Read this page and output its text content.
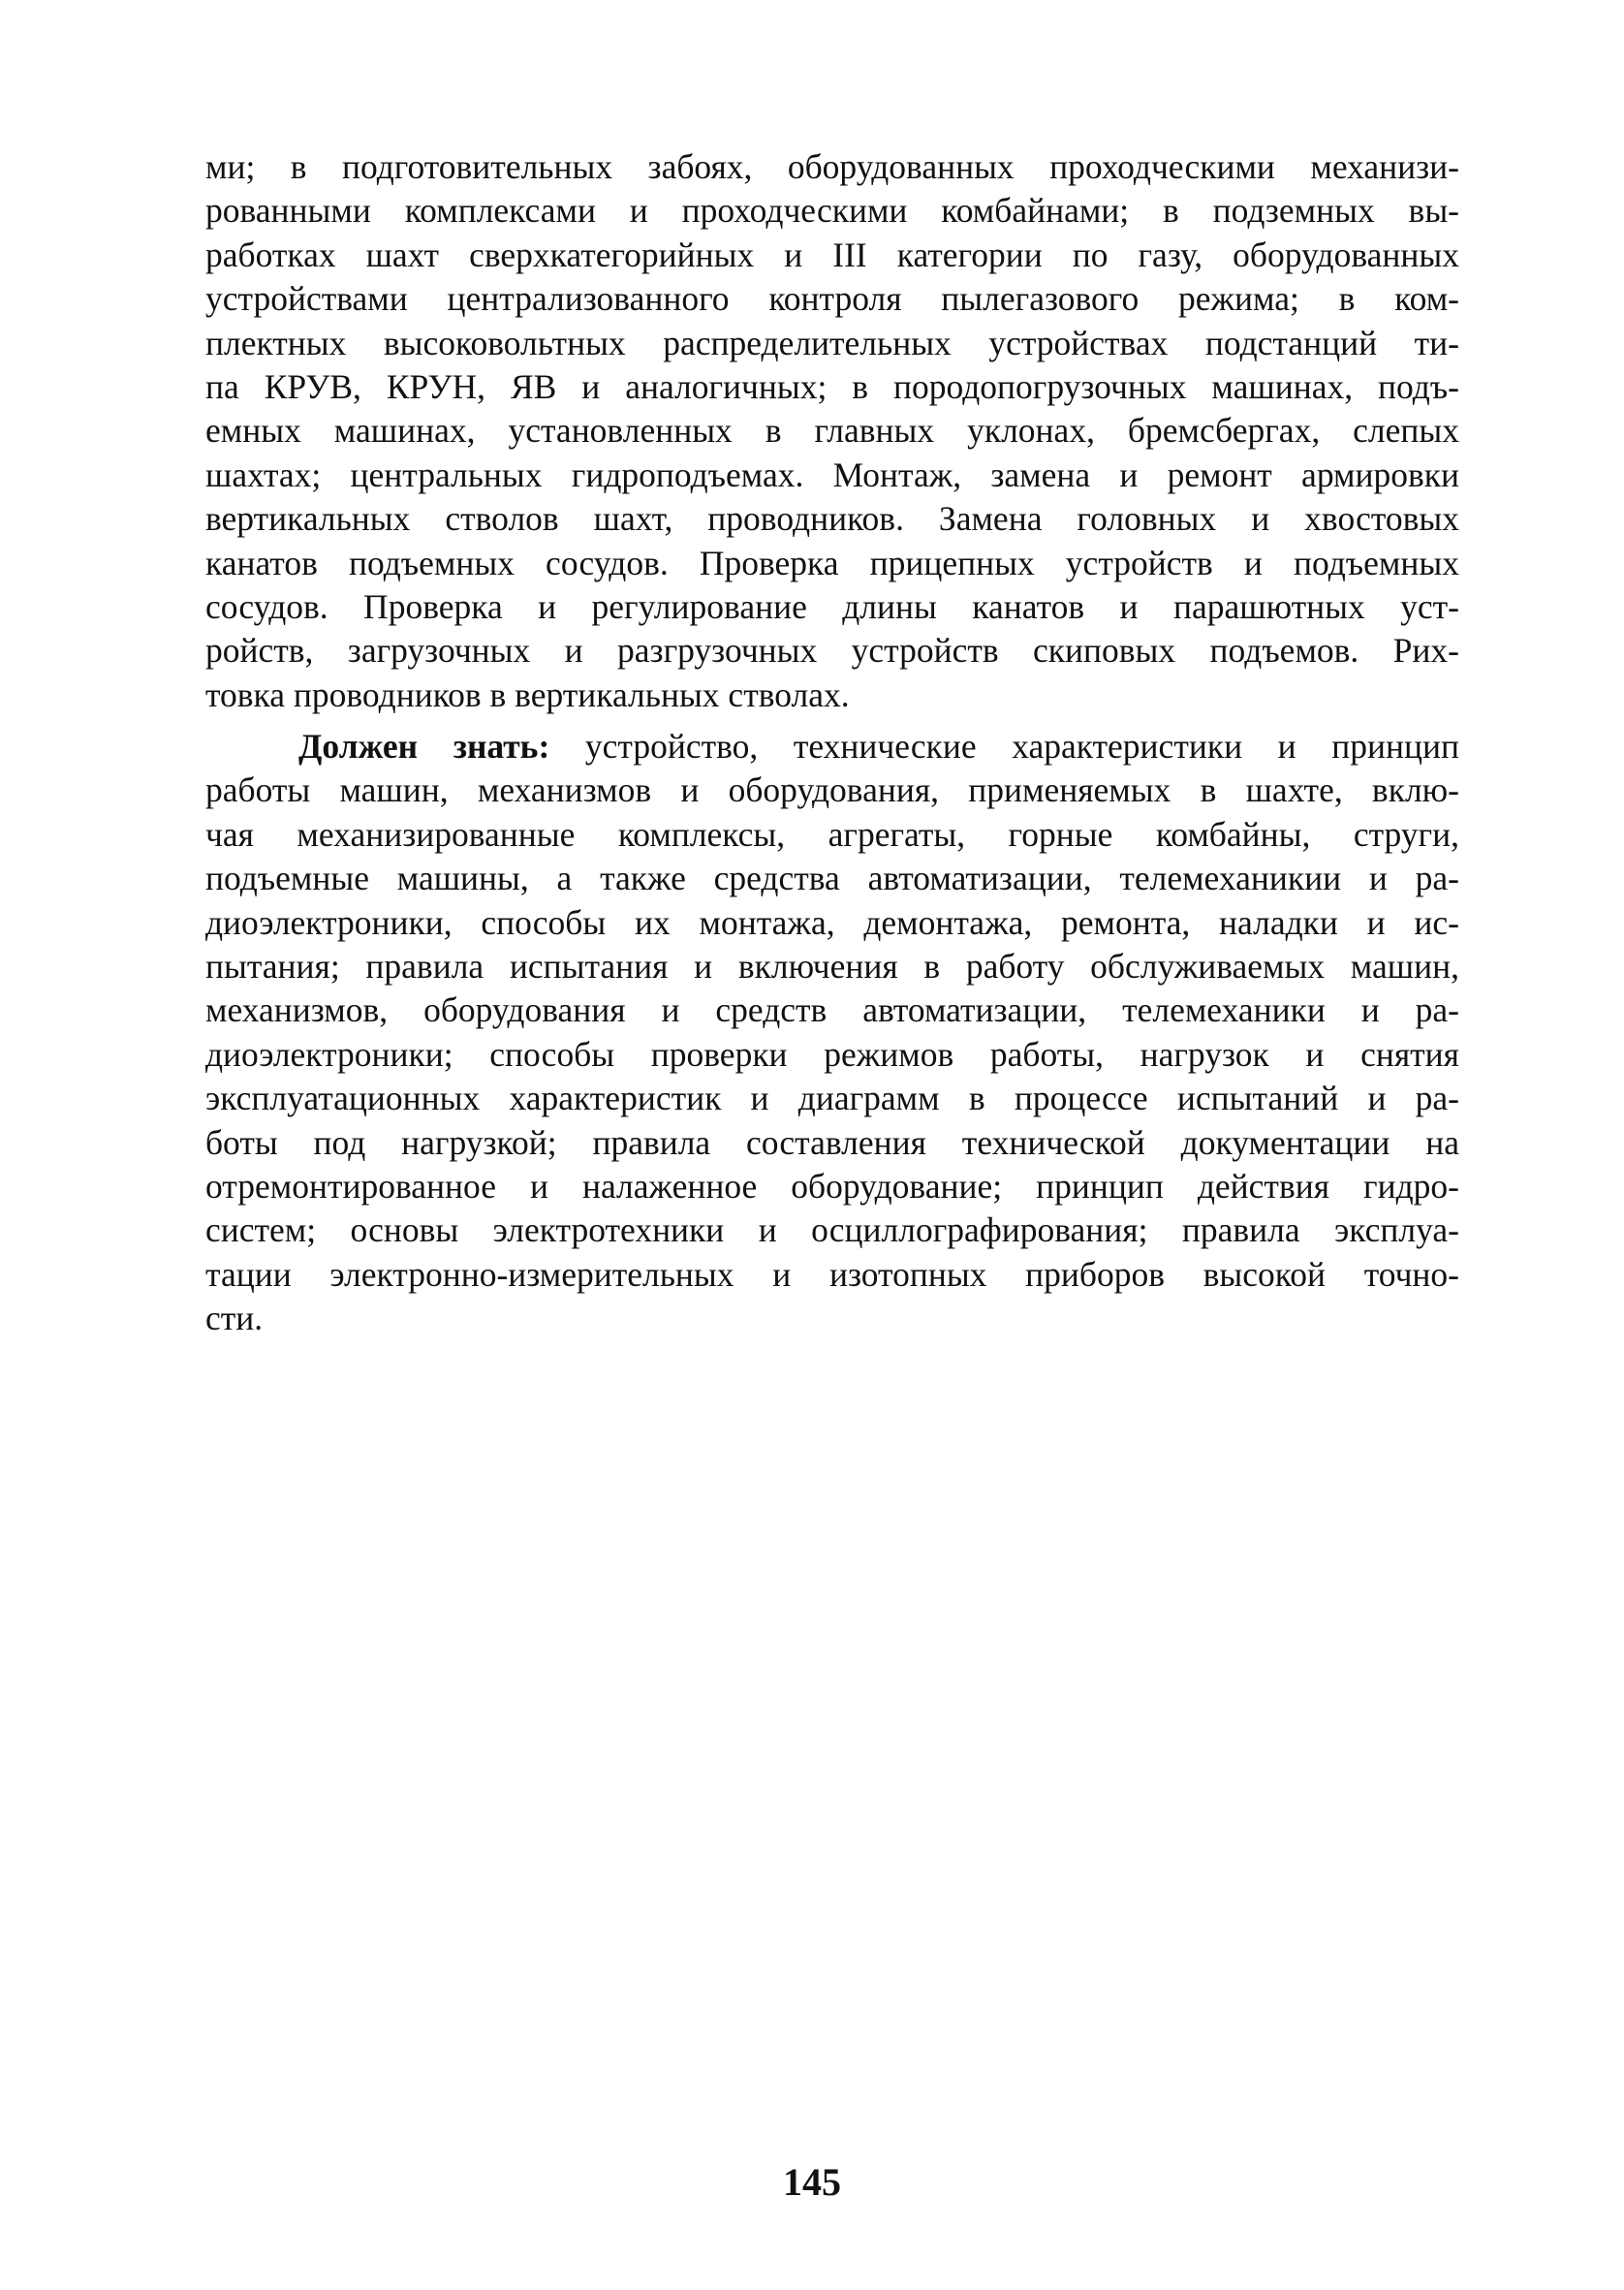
ми; в подготовительных забоях, оборудованных проходческими механизи-
рованными комплексами и проходческими комбайнами; в подземных вы-
работках шахт сверхкатегорийных и III категории по газу, оборудованных
устройствами централизованного контроля пылегазового режима; в ком-
плектных высоковольтных распределительных устройствах подстанций ти-
па КРУВ, КРУН, ЯВ и аналогичных; в породопогрузочных машинах, подъ-
емных машинах, установленных в главных уклонах, бремсбергах, слепых
шахтах; центральных гидроподъемах. Монтаж, замена и ремонт армировки
вертикальных стволов шахт, проводников. Замена головных и хвостовых
канатов подъемных сосудов. Проверка прицепных устройств и подъемных
сосудов. Проверка и регулирование длины канатов и парашютных уст-
ройств, загрузочных и разгрузочных устройств скиповых подъемов. Рих-
товка проводников в вертикальных стволах.
Должен знать: устройство, технические характеристики и принцип
работы машин, механизмов и оборудования, применяемых в шахте, вклю-
чая механизированные комплексы, агрегаты, горные комбайны, струги,
подъемные машины, а также средства автоматизации, телемеханикии и ра-
диоэлектроники, способы их монтажа, демонтажа, ремонта, наладки и ис-
пытания; правила испытания и включения в работу обслуживаемых машин,
механизмов, оборудования и средств автоматизации, телемеханики и ра-
диоэлектроники; способы проверки режимов работы, нагрузок и снятия
эксплуатационных характеристик и диаграмм в процессе испытаний и ра-
боты под нагрузкой; правила составления технической документации на
отремонтированное и налаженное оборудование; принцип действия гидро-
систем; основы электротехники и осциллографирования; правила эксплуа-
тации электронно-измерительных и изотопных приборов высокой точно-
сти.
145
